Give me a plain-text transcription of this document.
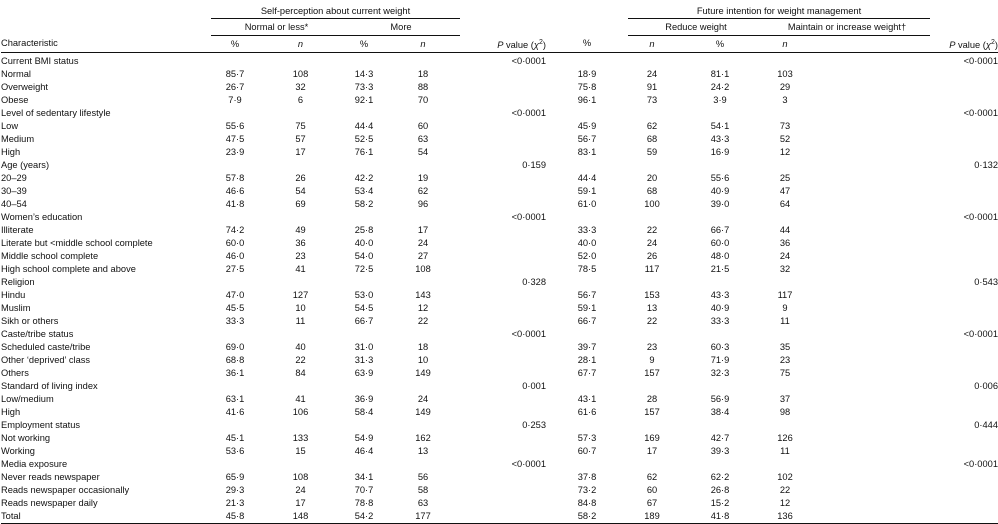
	Self-perception about current weight						Future intention for weight management				
	Normal or less*		More				Reduce weight		Maintain or increase weight†		
Characteristic	%	n	%	n	P value $(\chi^2)$	%	n	%	n		P value $(\chi^2)$

Current BMI status					<0·0001						<0·0001
Normal	85·7	108	14·3	18		18·9	24	81·1	103		
Overweight	26·7	32	73·3	88		75·8	91	24·2	29		
Obese	7·9	6	92·1	70		96·1	73	3·9	3		
Level of sedentary lifestyle					<0·0001						<0·0001
Low	55·6	75	44·4	60		45·9	62	54·1	73		
Medium	47·5	57	52·5	63		56·7	68	43·3	52		
High	23·9	17	76·1	54		83·1	59	16·9	12		
Age (years)					0·159						0·132
20–29	57·8	26	42·2	19		44·4	20	55·6	25		
30–39	46·6	54	53·4	62		59·1	68	40·9	47		
40–54	41·8	69	58·2	96		61·0	100	39·0	64		
Women’s education					<0·0001						<0·0001
Illiterate	74·2	49	25·8	17		33·3	22	66·7	44		
Literate but <middle school complete	60·0	36	40·0	24		40·0	24	60·0	36		
Middle school complete	46·0	23	54·0	27		52·0	26	48·0	24		
High school complete and above	27·5	41	72·5	108		78·5	117	21·5	32		
Religion					0·328						0·543
Hindu	47·0	127	53·0	143		56·7	153	43·3	117		
Muslim	45·5	10	54·5	12		59·1	13	40·9	9		
Sikh or others	33·3	11	66·7	22		66·7	22	33·3	11		
Caste/tribe status					<0·0001						<0·0001
Scheduled caste/tribe	69·0	40	31·0	18		39·7	23	60·3	35		
Other ‘deprived’ class	68·8	22	31·3	10		28·1	9	71·9	23		
Others	36·1	84	63·9	149		67·7	157	32·3	75		
Standard of living index					0·001						0·006
Low/medium	63·1	41	36·9	24		43·1	28	56·9	37		
High	41·6	106	58·4	149		61·6	157	38·4	98		
Employment status					0·253						0·444
Not working	45·1	133	54·9	162		57·3	169	42·7	126		
Working	53·6	15	46·4	13		60·7	17	39·3	11		
Media exposure					<0·0001						<0·0001
Never reads newspaper	65·9	108	34·1	56		37·8	62	62·2	102		
Reads newspaper occasionally	29·3	24	70·7	58		73·2	60	26·8	22		
Reads newspaper daily	21·3	17	78·8	63		84·8	67	15·2	12		
Total	45·8	148	54·2	177		58·2	189	41·8	136		
